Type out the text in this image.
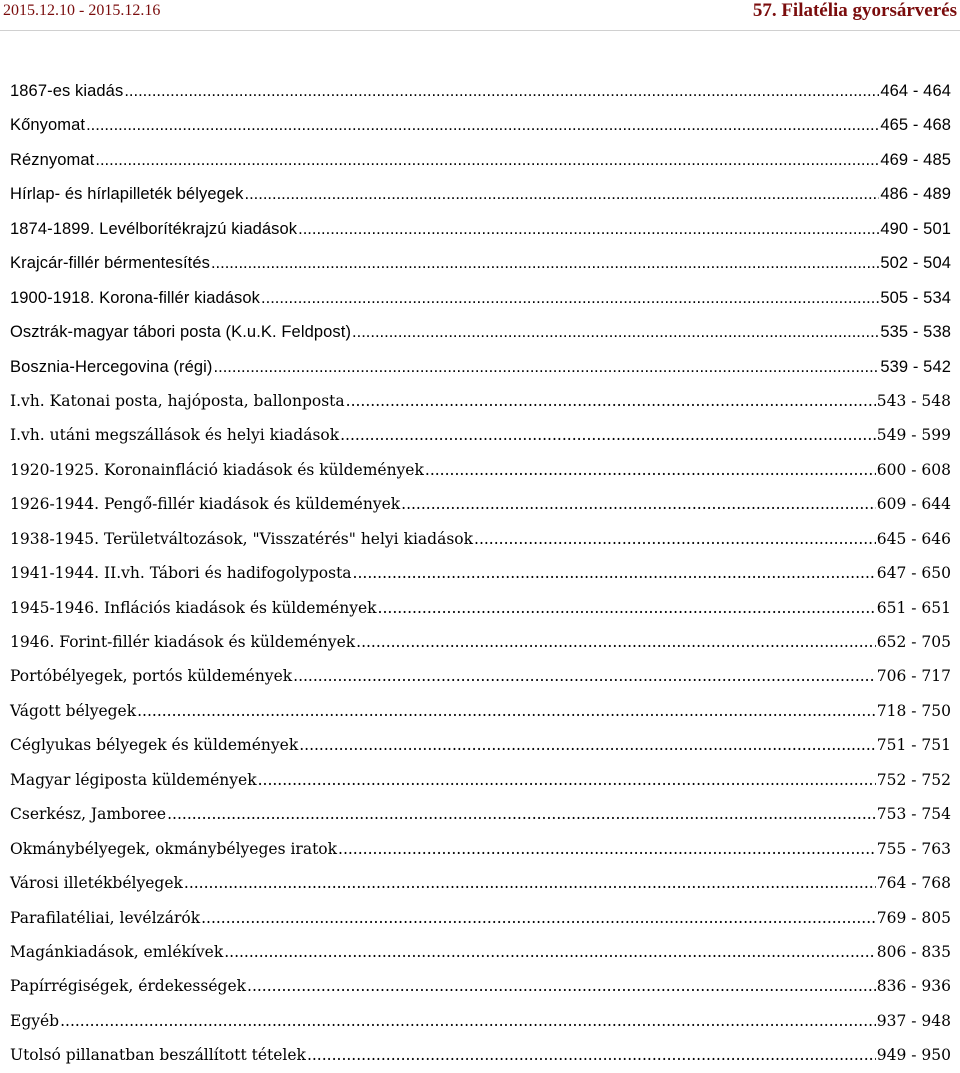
2015.12.10 - 2015.12.16	57. Filatélia gyorsárverés
1867-es kiadás .....	464 - 464
Kőnyomat .....	465 - 468
Réznyomat .....	469 - 485
Hírlap- és hírlapilleték bélyegek .....	486 - 489
1874-1899. Levélborítékrajzú kiadások .....	490 - 501
Krajcár-fillér bérmentesítés .....	502 - 504
1900-1918. Korona-fillér kiadások .....	505 - 534
Osztrák-magyar tábori posta (K.u.K. Feldpost) .....	535 - 538
Bosznia-Hercegovina (régi) .....	539 - 542
I.vh. Katonai posta, hajóposta, ballonposta .....	543 - 548
I.vh. utáni megszállások és helyi kiadások .....	549 - 599
1920-1925. Koronainfláció kiadások és küldemények .....	600 - 608
1926-1944. Pengő-fillér kiadások és küldemények .....	609 - 644
1938-1945. Területváltozások, "Visszatérés" helyi kiadások .....	645 - 646
1941-1944. II.vh. Tábori és hadifogolyposta .....	647 - 650
1945-1946. Inflációs kiadások és küldemények .....	651 - 651
1946. Forint-fillér kiadások és küldemények .....	652 - 705
Portóbélyegek, portós küldemények .....	706 - 717
Vágott bélyegek .....	718 - 750
Céglyukas bélyegek és küldemények .....	751 - 751
Magyar légiposta küldemények .....	752 - 752
Cserkész, Jamboree .....	753 - 754
Okmánybélyegek, okmánybélyeges iratok .....	755 - 763
Városi illetékbélyegek .....	764 - 768
Parafilatéliai, levélzárók .....	769 - 805
Magánkiadások, emlékívek .....	806 - 835
Papírrégiségek, érdekességek .....	836 - 936
Egyéb .....	937 - 948
Utolsó pillanatban beszállított tételek .....	949 - 950
